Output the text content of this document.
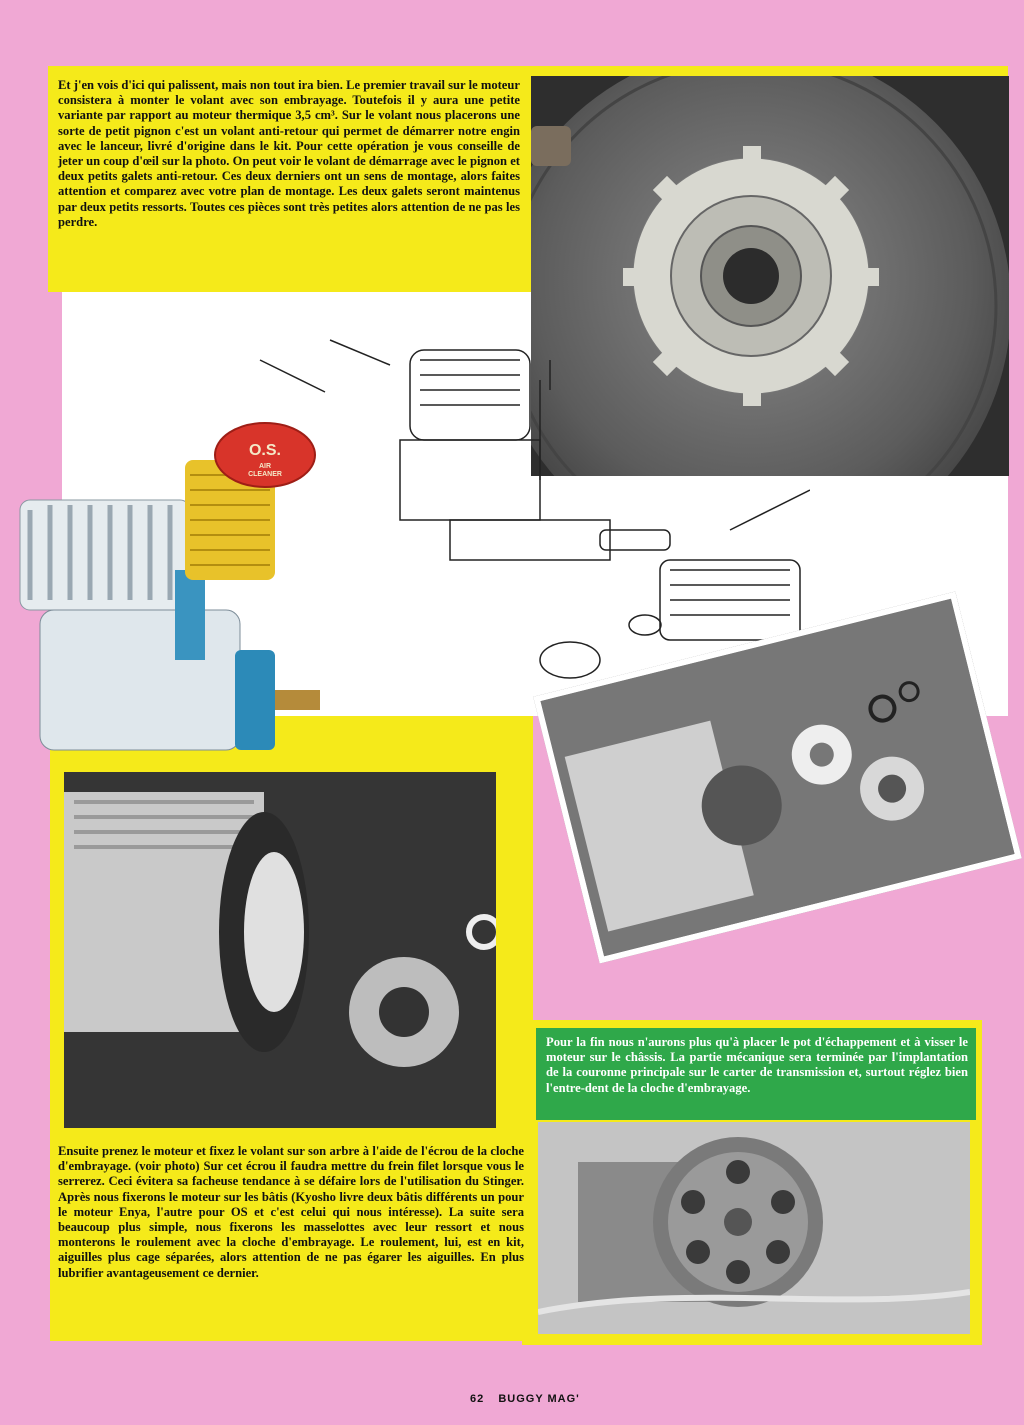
Et j'en vois d'ici qui palissent, mais non tout ira bien. Le premier travail sur le moteur consistera à monter le volant avec son embrayage. Toutefois il y aura une petite variante par rapport au moteur thermique 3,5 cm³. Sur le volant nous placerons une sorte de petit pignon c'est un volant anti-retour qui permet de démarrer notre engin avec le lanceur, livré d'origine dans le kit. Pour cette opération je vous conseille de jeter un coup d'œil sur la photo. On peut voir le volant de démarrage avec le pignon et deux petits galets anti-retour. Ces deux derniers ont un sens de montage, alors faites attention et comparez avec votre plan de montage. Les deux galets seront maintenus par deux petits ressorts. Toutes ces pièces sont très petites alors attention de ne pas les perdre.
O.S.
AIR
CLEANER
Ensuite prenez le moteur et fixez le volant sur son arbre à l'aide de l'écrou de la cloche d'embrayage. (voir photo) Sur cet écrou il faudra mettre du frein filet lorsque vous le serrerez. Ceci évitera sa facheuse tendance à se défaire lors de l'utilisation du Stinger. Après nous fixerons le moteur sur les bâtis (Kyosho livre deux bâtis différents un pour le moteur Enya, l'autre pour OS et c'est celui qui nous intéresse). La suite sera beaucoup plus simple, nous fixerons les masselottes avec leur ressort et nous monterons le roulement avec la cloche d'embrayage. Le roulement, lui, est en kit, aiguilles plus cage séparées, alors attention de ne pas égarer les aiguilles. En plus lubrifier avantageusement ce dernier.
Pour la fin nous n'aurons plus qu'à placer le pot d'échappement et à visser le moteur sur le châssis. La partie mécanique sera terminée par l'implantation de la couronne principale sur le carter de transmission et, surtout réglez bien l'entre-dent de la cloche d'embrayage.
62 BUGGY MAG'
